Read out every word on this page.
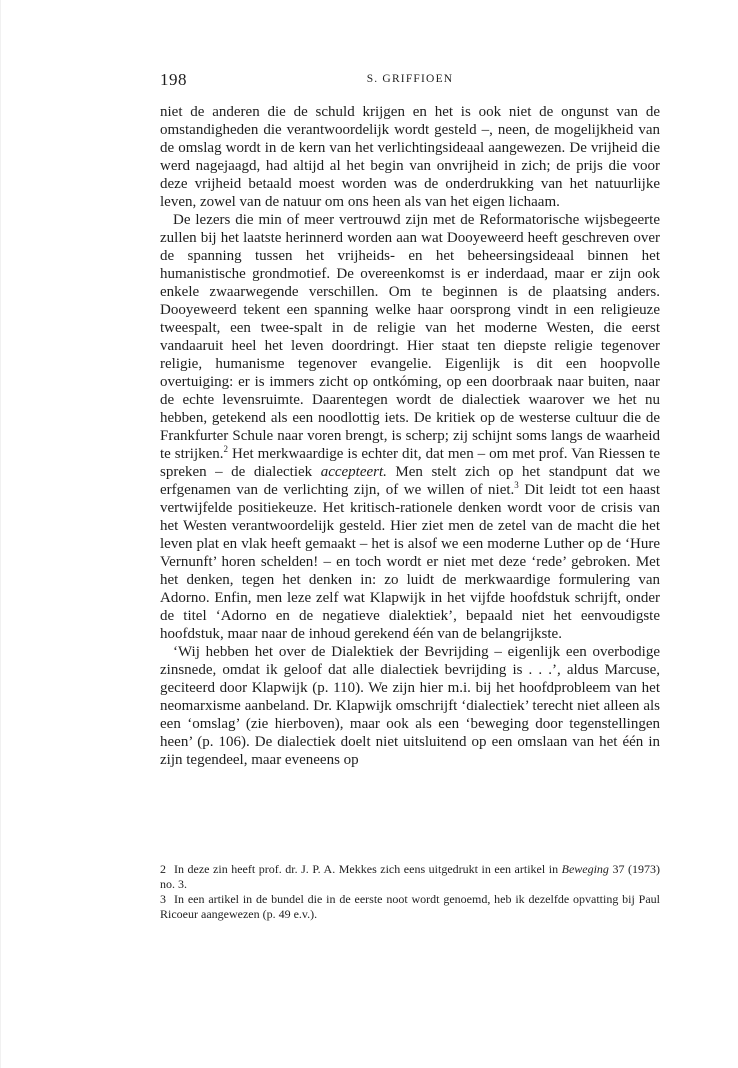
198	S. GRIFFIOEN

niet de anderen die de schuld krijgen en het is ook niet de ongunst van de omstandigheden die verantwoordelijk wordt gesteld –, neen, de mogelijkheid van de omslag wordt in de kern van het verlichtingsideaal aangewezen. De vrijheid die werd nagejaagd, had altijd al het begin van onvrijheid in zich; de prijs die voor deze vrijheid betaald moest worden was de onderdrukking van het natuurlijke leven, zowel van de natuur om ons heen als van het eigen lichaam.

De lezers die min of meer vertrouwd zijn met de Reformatorische wijsbegeerte zullen bij het laatste herinnerd worden aan wat Dooyeweerd heeft geschreven over de spanning tussen het vrijheids- en het beheersingsideaal binnen het humanistische grondmotief. De overeenkomst is er inderdaad, maar er zijn ook enkele zwaarwegende verschillen. Om te beginnen is de plaatsing anders. Dooyeweerd tekent een spanning welke haar oorsprong vindt in een religieuze tweespalt, een twee-spalt in de religie van het moderne Westen, die eerst vandaaruit heel het leven doordringt. Hier staat ten diepste religie tegenover religie, humanisme tegenover evangelie. Eigenlijk is dit een hoopvolle overtuiging: er is immers zicht op ontkóming, op een doorbraak naar buiten, naar de echte levensruimte. Daarentegen wordt de dialectiek waarover we het nu hebben, getekend als een noodlottig iets. De kritiek op de westerse cultuur die de Frankfurter Schule naar voren brengt, is scherp; zij schijnt soms langs de waarheid te strijken.$^2$ Het merkwaardige is echter dit, dat men – om met prof. Van Riessen te spreken – de dialectiek accepteert. Men stelt zich op het standpunt dat we erfgenamen van de verlichting zijn, of we willen of niet.$^3$ Dit leidt tot een haast vertwijfelde positiekeuze. Het kritisch-rationele denken wordt voor de crisis van het Westen verantwoordelijk gesteld. Hier ziet men de zetel van de macht die het leven plat en vlak heeft gemaakt – het is alsof we een moderne Luther op de ‘Hure Vernunft’ horen schelden! – en toch wordt er niet met deze ‘rede’ gebroken. Met het denken, tegen het denken in: zo luidt de merkwaardige formulering van Adorno. Enfin, men leze zelf wat Klapwijk in het vijfde hoofdstuk schrijft, onder de titel ‘Adorno en de negatieve dialektiek’, bepaald niet het eenvoudigste hoofdstuk, maar naar de inhoud gerekend één van de belangrijkste.

‘Wij hebben het over de Dialektiek der Bevrijding – eigenlijk een overbodige zinsnede, omdat ik geloof dat alle dialectiek bevrijding is . . .’, aldus Marcuse, geciteerd door Klapwijk (p. 110). We zijn hier m.i. bij het hoofdprobleem van het neomarxisme aanbeland. Dr. Klapwijk omschrijft ‘dialectiek’ terecht niet alleen als een ‘omslag’ (zie hierboven), maar ook als een ‘beweging door tegenstellingen heen’ (p. 106). De dialectiek doelt niet uitsluitend op een omslaan van het één in zijn tegendeel, maar eveneens op

2 In deze zin heeft prof. dr. J. P. A. Mekkes zich eens uitgedrukt in een artikel in Beweging 37 (1973) no. 3.

3 In een artikel in de bundel die in de eerste noot wordt genoemd, heb ik dezelfde opvatting bij Paul Ricoeur aangewezen (p. 49 e.v.).
